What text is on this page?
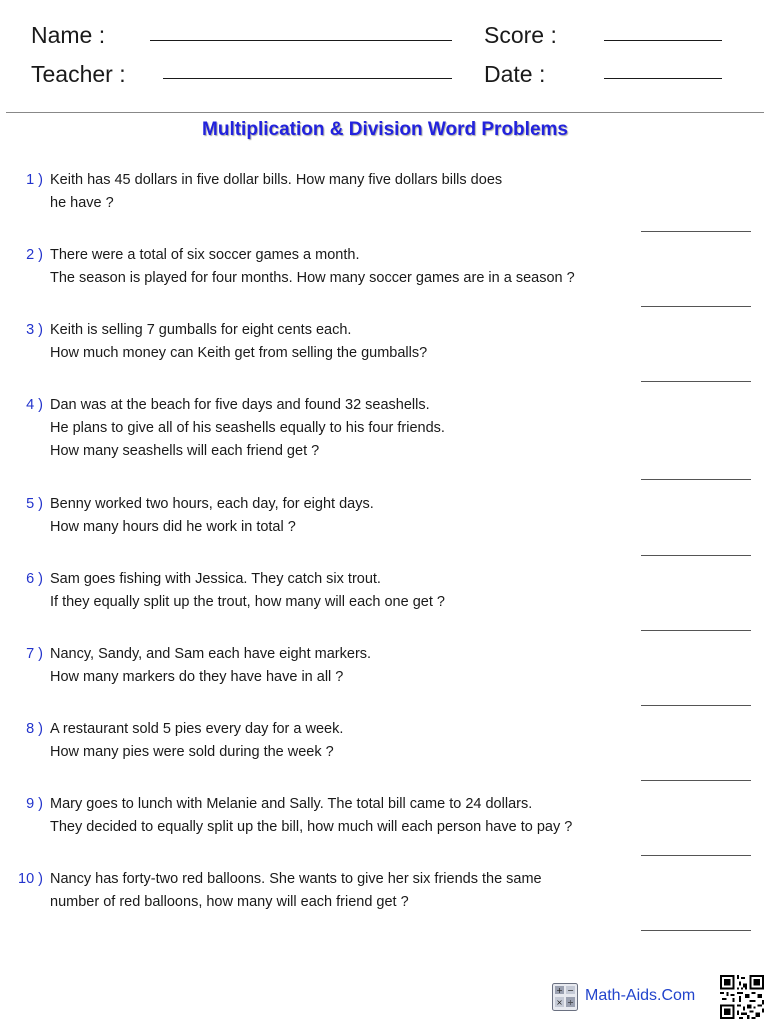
Name :
Teacher :
Score :
Date :
Multiplication & Division Word Problems
1 ) Keith has 45 dollars in five dollar bills. How many five dollars bills does
he have ?
2 ) There were a total of six soccer games a month.
The season is played for four months. How many soccer games are in a season ?
3 ) Keith is selling 7 gumballs for eight cents each.
How much money can Keith get from selling the gumballs?
4 ) Dan was at the beach for five days and found 32 seashells.
He plans to give all of his seashells equally to his four friends.
How many seashells will each friend get ?
5 ) Benny worked two hours, each day, for eight days.
How many hours did he work in total ?
6 ) Sam goes fishing with Jessica. They catch six trout.
If they equally split up the trout, how many will each one get ?
7 ) Nancy, Sandy, and Sam each have eight markers.
How many markers do they have have in all ?
8 ) A restaurant sold 5 pies every day for a week.
How many pies were sold during the week ?
9 ) Mary goes to lunch with Melanie and Sally. The total bill came to 24 dollars.
They decided to equally split up the bill, how much will each person have to pay ?
10 ) Nancy has forty-two red balloons. She wants to give her six friends the same
number of red balloons, how many will each friend get ?
+ −
× ÷ Math-Aids.Com
